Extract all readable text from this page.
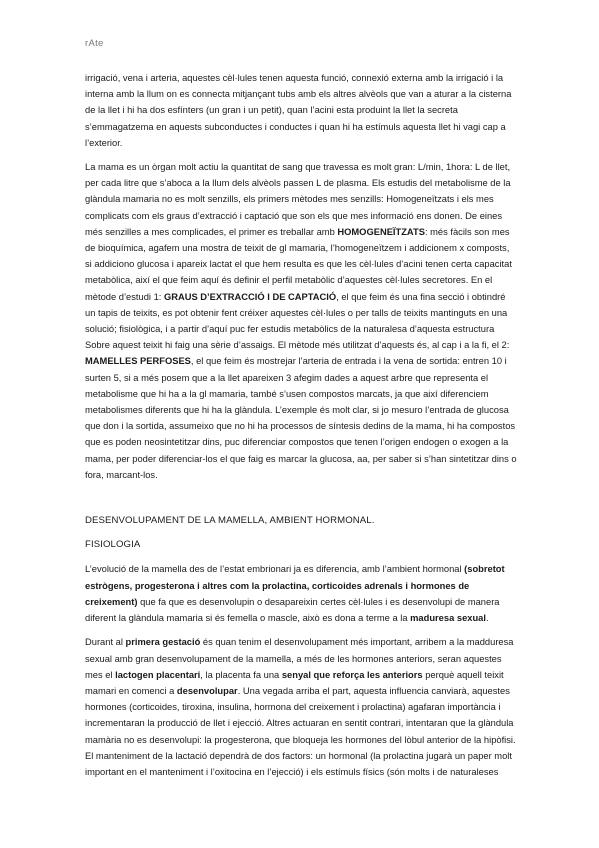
rAte

irrigació, vena i arteria, aquestes cèl·lules tenen aquesta funció, connexió externa amb la irrigació i la interna amb la llum on es connecta mitjançant tubs amb els altres alvèols que van a aturar a la cisterna de la llet i hi ha dos esfínters (un gran i un petit), quan l’acini esta produint la llet la secreta s’emmagatzema en aquests subconductes i conductes i quan hi ha estímuls aquesta llet hi vagi cap a l’exterior.

La mama es un òrgan molt actiu la quantitat de sang que travessa es molt gran: L/min, 1hora: L de llet, per cada litre que s’aboca a la llum dels alvèols passen L de plasma. Els estudis del metabolisme de la glàndula mamaria no es molt senzills, els primers mètodes mes senzills: Homogeneïtzats i els mes complicats com els graus d’extracció i captació que son els que mes informació ens donen. De eines més senzilles a mes complicades, el primer es treballar amb HOMOGENEÏTZATS: més fàcils son mes de bioquímica, agafem una mostra de teixit de gl mamaria, l’homogeneïtzem i addicionem x composts, si addiciono glucosa i apareix lactat el que hem resulta es que les cèl·lules d’acini tenen certa capacitat metabòlica, així el que feim aquí és definir el perfil metabòlic d’aquestes cèl·lules secretores. En el mètode d’estudi 1: GRAUS D’EXTRACCIÓ I DE CAPTACIÓ, el que feim és una fina secció i obtindré un tapis de teixits, es pot obtenir fent créixer aquestes cèl·lules o per talls de teixits mantinguts en una solució; fisiològica, i a partir d’aquí puc fer estudis metabòlics de la naturalesa d’aquesta estructura Sobre aquest teixit hi faig una sèrie d’assaigs. El mètode més utilitzat d’aquests és, al cap i a la fi, el 2: MAMELLES PERFOSES, el que feim és mostrejar l’arteria de entrada i la vena de sortida: entren 10 i surten 5, si a més posem que a la llet apareixen 3 afegim dades a aquest arbre que representa el metabolisme que hi ha a la gl mamaria, també s’usen compostos marcats, ja que així diferenciem metabolismes diferents que hi ha la glàndula. L’exemple és molt clar, si jo mesuro l’entrada de glucosa que don i la sortida, assumeixo que no hi ha processos de síntesis dedins de la mama, hi ha compostos que es poden neosintetitzar dins, puc diferenciar compostos que tenen l’origen endogen o exogen a la mama, per poder diferenciar-los el que faig es marcar la glucosa, aa, per saber si s’han sintetitzar dins o fora, marcant-los.

DESENVOLUPAMENT DE LA MAMELLA, AMBIENT HORMONAL.

FISIOLOGIA

L’evolució de la mamella des de l’estat embrionari ja es diferencia, amb l’ambient hormonal (sobretot estrògens, progesterona i altres com la prolactina, corticoides adrenals i hormones de creixement) que fa que es desenvolupin o desapareixin certes cèl·lules i es desenvolupi de manera diferent la glàndula mamaria si és femella o mascle, això es dona a terme a la maduresa sexual.

Durant al primera gestació és quan tenim el desenvolupament més important, arribem a la madduresa sexual amb gran desenvolupament de la mamella, a més de les hormones anteriors, seran aquestes mes el lactogen placentari, la placenta fa una senyal que reforça les anteriors perquè aquell teixit mamari en comenci a desenvolupar. Una vegada arriba el part, aquesta influencia canviarà, aquestes hormones (corticoides, tiroxina, insulina, hormona del creixement i prolactina) agafaran importància i incrementaran la producció de llet i ejecció. Altres actuaran en sentit contrari, intentaran que la glàndula mamària no es desenvolupi: la progesterona, que bloqueja les hormones del lòbul anterior de la hipòfisi. El manteniment de la lactació dependrà de dos factors: un hormonal (la prolactina jugarà un paper molt important en el manteniment i l’oxitocina en l’ejecció) i els estímuls físics (són molts i de naturaleses
